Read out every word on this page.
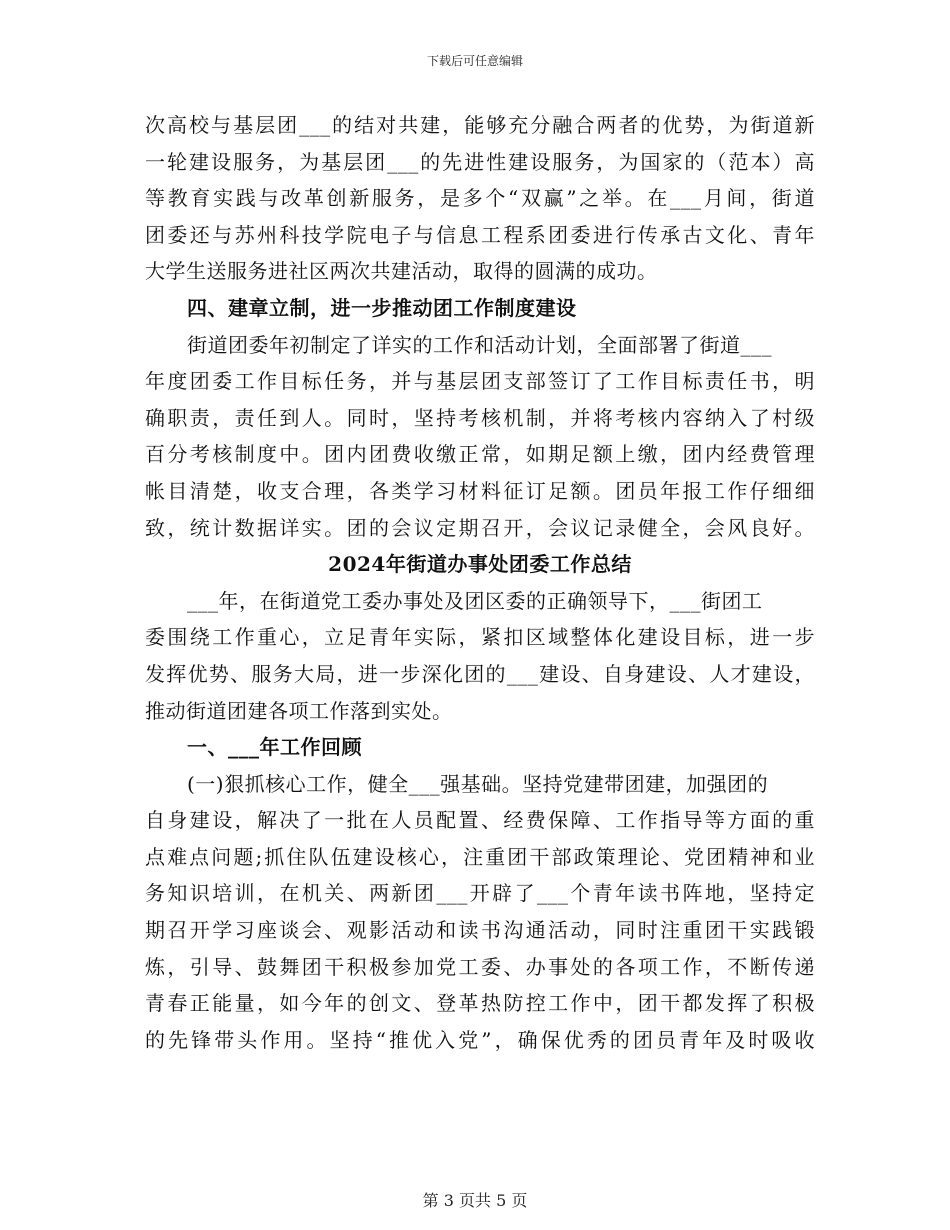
下载后可任意编辑
次高校与基层团___的结对共建，能够充分融合两者的优势，为街道新
一轮建设服务，为基层团___的先进性建设服务，为国家的（范本）高
等教育实践与改革创新服务，是多个“双赢”之举。在___月间，街道
团委还与苏州科技学院电子与信息工程系团委进行传承古文化、青年
大学生送服务进社区两次共建活动，取得的圆满的成功。
四、建章立制，进一步推动团工作制度建设
街道团委年初制定了详实的工作和活动计划，全面部署了街道___
年度团委工作目标任务，并与基层团支部签订了工作目标责任书，明
确职责，责任到人。同时，坚持考核机制，并将考核内容纳入了村级
百分考核制度中。团内团费收缴正常，如期足额上缴，团内经费管理
帐目清楚，收支合理，各类学习材料征订足额。团员年报工作仔细细
致，统计数据详实。团的会议定期召开，会议记录健全，会风良好。
2024年街道办事处团委工作总结
___年，在街道党工委办事处及团区委的正确领导下，___街团工
委围绕工作重心，立足青年实际，紧扣区域整体化建设目标，进一步
发挥优势、服务大局，进一步深化团的___建设、自身建设、人才建设，
推动街道团建各项工作落到实处。
一、___年工作回顾
(一)狠抓核心工作，健全___强基础。坚持党建带团建，加强团的
自身建设，解决了一批在人员配置、经费保障、工作指导等方面的重
点难点问题;抓住队伍建设核心，注重团干部政策理论、党团精神和业
务知识培训，在机关、两新团___开辟了___个青年读书阵地，坚持定
期召开学习座谈会、观影活动和读书沟通活动，同时注重团干实践锻
炼，引导、鼓舞团干积极参加党工委、办事处的各项工作，不断传递
青春正能量，如今年的创文、登革热防控工作中，团干都发挥了积极
的先锋带头作用。坚持“推优入党”，确保优秀的团员青年及时吸收
第 3 页共 5 页
